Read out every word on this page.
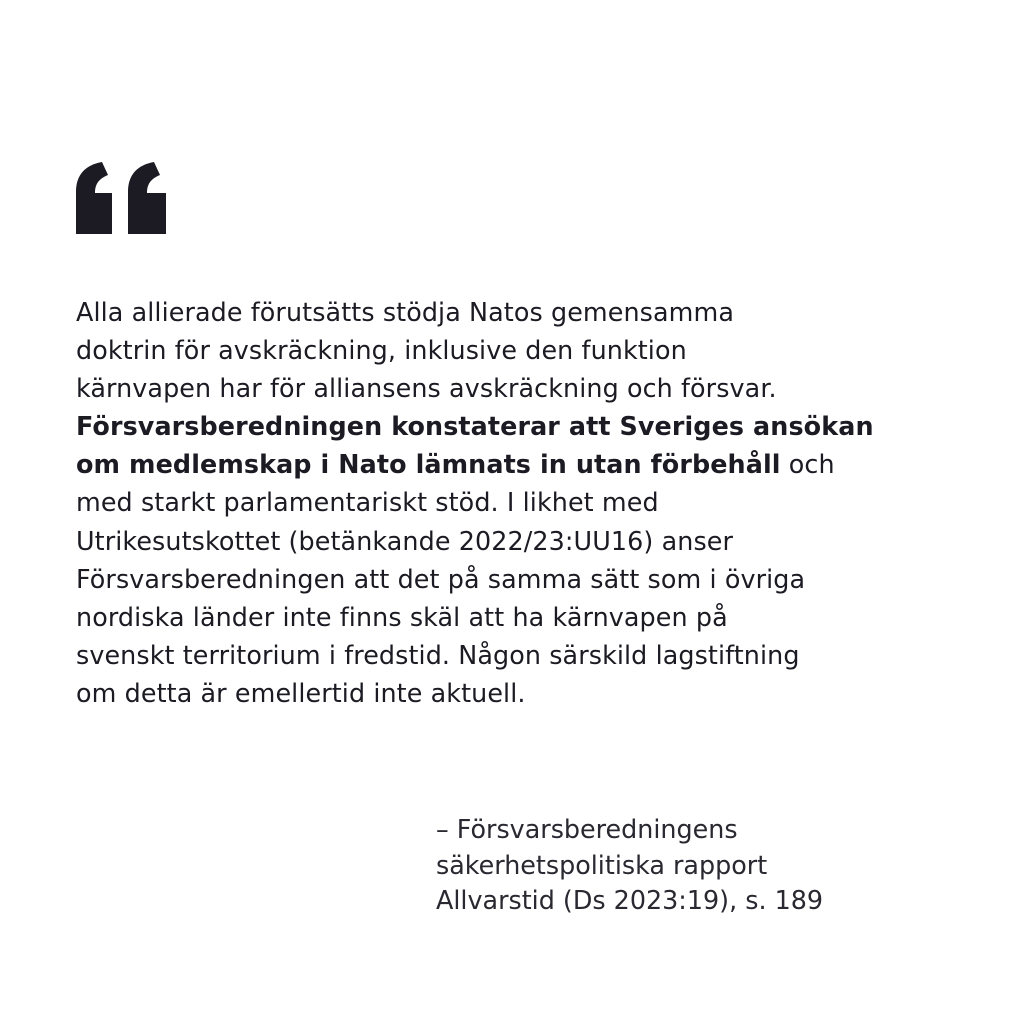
Alla allierade förutsätts stödja Natos gemensamma
doktrin för avskräckning, inklusive den funktion
kärnvapen har för alliansens avskräckning och försvar.
Försvarsberedningen konstaterar att Sveriges ansökan
om medlemskap i Nato lämnats in utan förbehåll och
med starkt parlamentariskt stöd. I likhet med
Utrikesutskottet (betänkande 2022/23:UU16) anser
Försvarsberedningen att det på samma sätt som i övriga
nordiska länder inte finns skäl att ha kärnvapen på
svenskt territorium i fredstid. Någon särskild lagstiftning
om detta är emellertid inte aktuell.

– Försvarsberedningens
säkerhetspolitiska rapport
Allvarstid (Ds 2023:19), s. 189
